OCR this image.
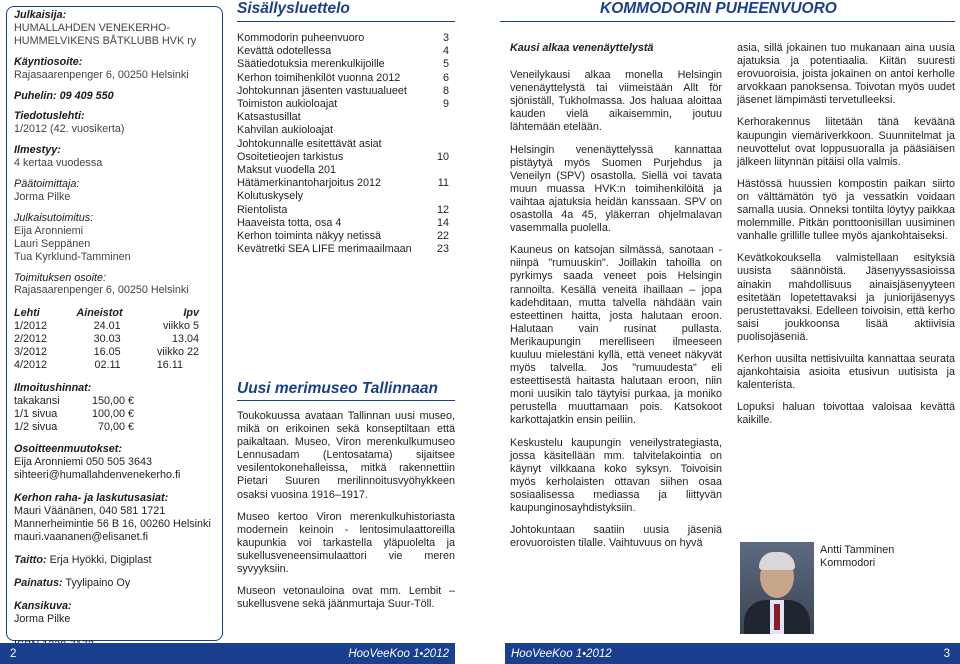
Julkaisija:
HUMALLAHDEN VENEKERHO-
HUMMELVIKENS BÅTKLUBB HVK ry
Käyntiosoite:
Rajasaarenpenger 6, 00250 Helsinki
Puhelin: 09 409 550
Tiedotuslehti:
1/2012 (42. vuosikerta)
Ilmestyy:
4 kertaa vuodessa
Päätoimittaja:
Jorma Pilke
Julkaisutoimitus:
Eija Aronniemi
Lauri Seppänen
Tua Kyrklund-Tamminen
Toimituksen osoite:
Rajasaarenpenger 6, 00250 Helsinki
Lehti	Aineistot	Ipv
1/2012	24.01	viikko 5
2/2012	30.03	13.04
3/2012	16.05	viikko 22
4/2012	02.11	16.11
Ilmoitushinnat:
takakansi	150,00 €
1/1 sivua	100,00 €
1/2 sivua	70,00 €
Osoitteenmuutokset:
Eija Aronniemi 050 505 3643
sihteeri@humallahdenvenekerho.fi
Kerhon raha- ja laskutusasiat:
Mauri Väänänen, 040 581 1721
Mannerheimintie 56 B 16, 00260 Helsinki
mauri.vaananen@elisanet.fi
Taitto: Erja Hyökki, Digiplast
Painatus: Tyylipaino Oy
Kansikuva:
Jorma Pilke
Sisällysluettelo
Kommodorin puheenvuoro	3
Kevättä odotellessa	4
Säätiedotuksia merenkulkijoille	5
Kerhon toimihenkilöt vuonna 2012	6
Johtokunnan jäsenten vastuualueet	8
Toimiston aukioloajat	9
Katsastusillat
Kahvilan aukioloajat
Johtokunnalle esitettävät asiat
Osoitetieojen tarkistus	10
Maksut vuodella 201
Hätämerkinantoharjoitus 2012	11
Kolutuskysely
Rientolista	12
Haaveista totta, osa 4	14
Kerhon toiminta näkyy netissä	22
Kevätretki SEA LIFE merimaailmaan 23
Uusi merimuseo Tallinnaan

Toukokuussa avataan Tallinnan uusi museo, mikä on erikoinen sekä konseptiltaan että paikaltaan. Museo, Viron merenkulkumuseo Lennusadam (Lentosatama) sijaitsee vesilentokonehalleissa, mitkä rakennettiin Pietari Suuren merilinnoitusvyöhykkeen osaksi vuosina 1916–1917.

Museo kertoo Viron merenkulkuhistoriasta modernein keinoin - lentosimulaattoreilla kaupunkia voi tarkastella yläpuolelta ja sukellusveneensimulaattori vie meren syvyyksiin.

Museon vetonauloina ovat mm. Lembit – sukellusvene sekä jäänmurtaja Suur-Töll.

KOMMODORIN PUHEENVUORO

Kausi alkaa venenäyttelystä

Veneilykausi alkaa monella Helsingin venenäyttelystä tai viimeistään Allt för sjöniställ, Tukholmassa. Jos haluaa aloittaa kauden vielä aikaisemmin, joutuu lähtemään etelään.

Helsingin venenäyttelyssä kannattaa pistäytyä myös Suomen Purjehdus ja Veneilyn (SPV) osastolla. Siellä voi tavata muun muassa HVK:n toimihenkilöitä ja vaihtaa ajatuksia heidän kanssaan. SPV on osastolla 4a 45, yläkerran ohjelmalavan vasemmalla puolella.

Kauneus on katsojan silmässä, sanotaan - niinpä "rumuuskin". Joillakin tahoilla on pyrkimys saada veneet pois Helsingin rannoilta. Kesällä veneitä ihaillaan – jopa kadehditaan, mutta talvella nähdään vain esteettinen haitta, josta halutaan eroon. Halutaan vain rusinat pullasta. Merikaupungin merelliseen ilmeeseen kuuluu mielestäni kyllä, että veneet näkyvät myös talvella. Jos "rumuudesta" eli esteettisestä haitasta halutaan eroon, niin moni uusikin talo täytyisi purkaa, ja moniko perustella muuttamaan pois. Katsokoot karkottajatkin ensin peiliin.

Keskustelu kaupungin veneilystrategiasta, jossa käsitellään mm. talvitelakointia on käynyt vilkkaana koko syksyn. Toivoisin myös kerholaisten ottavan siihen osaa sosiaalisessa mediassa ja liittyvän kaupunginosayhdistyksiin.

Johtokuntaan saatiin uusia jäseniä erovuoroisten tilalle. Vaihtuvuus on hyvä

asia, sillä jokainen tuo mukanaan aina uusia ajatuksia ja potentiaalia. Kiitän suuresti erovuoroisia, joista jokainen on antoi kerholle arvokkaan panoksensa. Toivotan myös uudet jäsenet lämpimästi tervetulleeksi.

Kerhorakennus liitetään tänä keväänä kaupungin viemäriverkkoon. Suunnitelmat ja neuvottelut ovat loppusuoralla ja pääsiäisen jälkeen liitynnän pitäisi olla valmis.

Hästössä huussien kompostin paikan siirto on välttämätön työ ja vessatkin voidaan samalla uusia. Onneksi tontilta löytyy paikkaa molemmille. Pitkän ponttoonisillan uusiminen vanhalle grillille tullee myös ajankohtaiseksi.

Kevätkokouksella valmistellaan esityksiä uusista säännöistä. Jäsenyyssasioissa ainakin mahdollisuus ainaisjäsenyyteen esitetään lopetettavaksi ja juniorijäsenyys perustettavaksi. Edelleen toivoisin, että kerho saisi joukkoonsa lisää aktiivisia puolisojäseniä.

Kerhon uusilta nettisivuilta kannattaa seurata ajankohtaisia asioita etusivun uutisista ja kalenterista.

Lopuksi haluan toivottaa valoisaa kevättä kaikille.

Antti Tamminen
Kommodori
2	HooVeeKoo 1•2012	HooVeeKoo 1•2012	3
